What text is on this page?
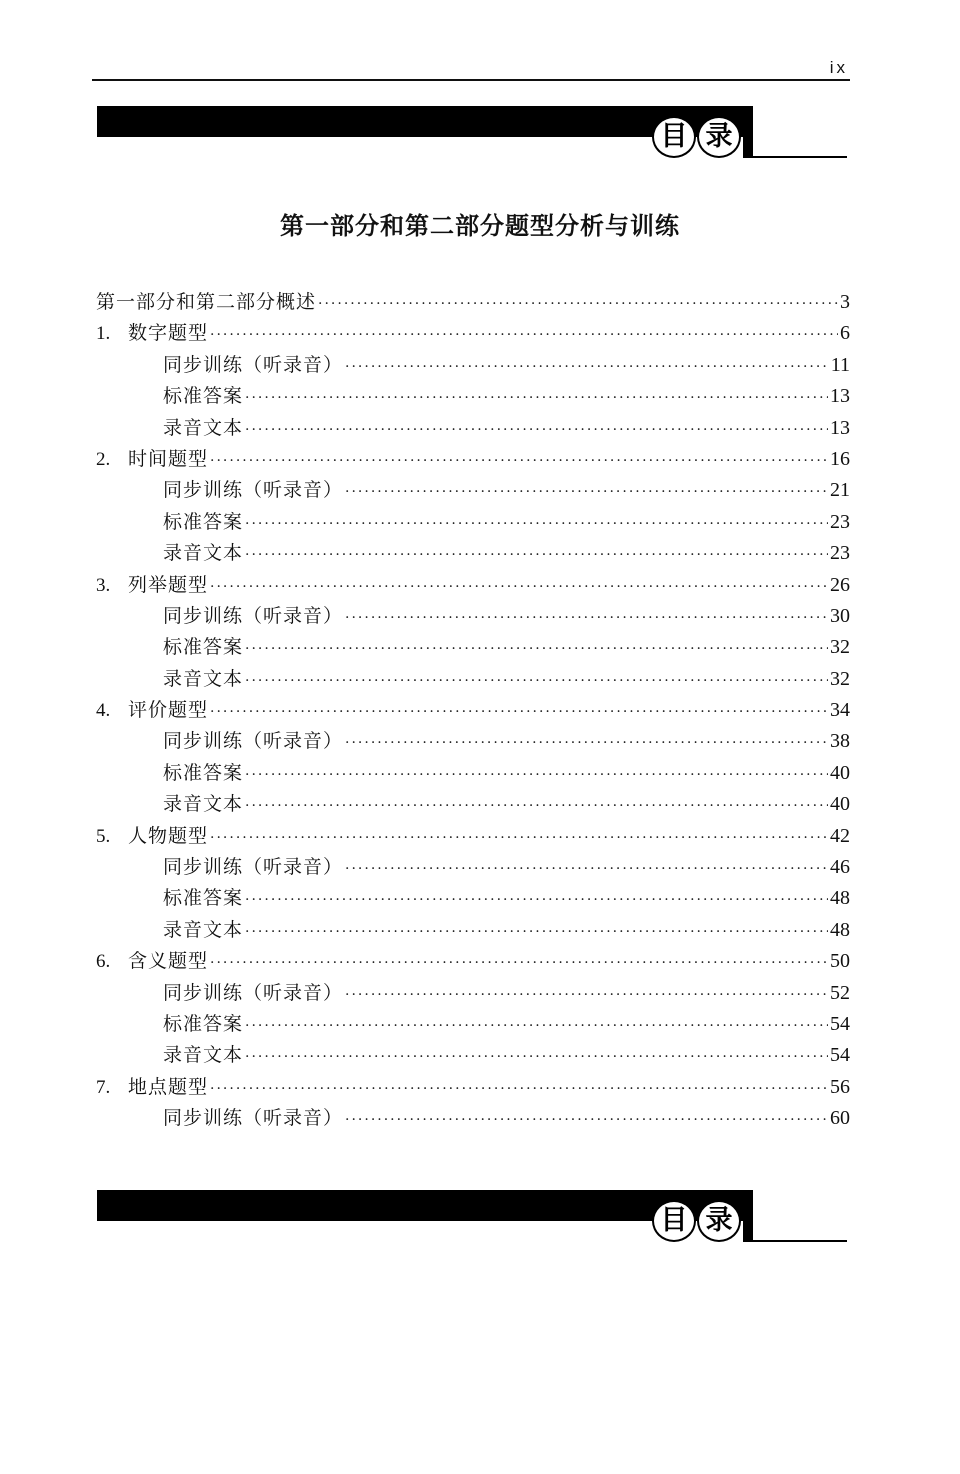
ix
目 录
第一部分和第二部分题型分析与训练
第一部分和第二部分概述 ·····	3
1. 数字题型 ·····	6
同步训练（听录音） ·····	11
标准答案 ·····	13
录音文本 ·····	13
2. 时间题型 ·····	16
同步训练（听录音） ·····	21
标准答案 ·····	23
录音文本 ·····	23
3. 列举题型 ·····	26
同步训练（听录音） ·····	30
标准答案 ·····	32
录音文本 ·····	32
4. 评价题型 ·····	34
同步训练（听录音） ·····	38
标准答案 ·····	40
录音文本 ·····	40
5. 人物题型 ·····	42
同步训练（听录音） ·····	46
标准答案 ·····	48
录音文本 ·····	48
6. 含义题型 ·····	50
同步训练（听录音） ·····	52
标准答案 ·····	54
录音文本 ·····	54
7. 地点题型 ·····	56
同步训练（听录音） ·····	60
目 录
